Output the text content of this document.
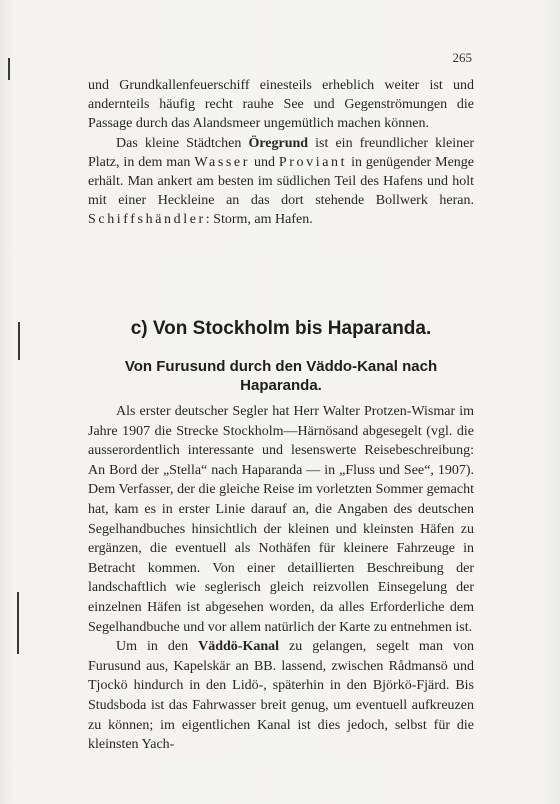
265

und Grundkallenfeuerschiff einesteils erheblich weiter ist und andernteils häufig recht rauhe See und Gegenströmungen die Passage durch das Alandsmeer ungemütlich machen können.

Das kleine Städtchen Öregrund ist ein freundlicher kleiner Platz, in dem man Wasser und Proviant in genügender Menge erhält. Man ankert am besten im südlichen Teil des Hafens und holt mit einer Heckleine an das dort stehende Bollwerk heran. Schiffshändler: Storm, am Hafen.

c) Von Stockholm bis Haparanda.
Von Furusund durch den Väddo-Kanal nach Haparanda.

Als erster deutscher Segler hat Herr Walter Protzen-Wismar im Jahre 1907 die Strecke Stockholm—Härnösand abgesegelt (vgl. die ausserordentlich interessante und lesenswerte Reisebeschreibung: An Bord der „Stella“ nach Haparanda — in „Fluss und See“, 1907). Dem Verfasser, der die gleiche Reise im vorletzten Sommer gemacht hat, kam es in erster Linie darauf an, die Angaben des deutschen Segelhandbuches hinsichtlich der kleinen und kleinsten Häfen zu ergänzen, die eventuell als Nothäfen für kleinere Fahrzeuge in Betracht kommen. Von einer detaillierten Beschreibung der landschaftlich wie seglerisch gleich reizvollen Einsegelung der einzelnen Häfen ist abgesehen worden, da alles Erforderliche dem Segelhandbuche und vor allem natürlich der Karte zu entnehmen ist.

Um in den Väddö-Kanal zu gelangen, segelt man von Furusund aus, Kapelskär an BB. lassend, zwischen Rådmansö und Tjockö hindurch in den Lidö-, späterhin in den Björkö-Fjärd. Bis Studsboda ist das Fahrwasser breit genug, um eventuell aufkreuzen zu können; im eigentlichen Kanal ist dies jedoch, selbst für die kleinsten Yach-
